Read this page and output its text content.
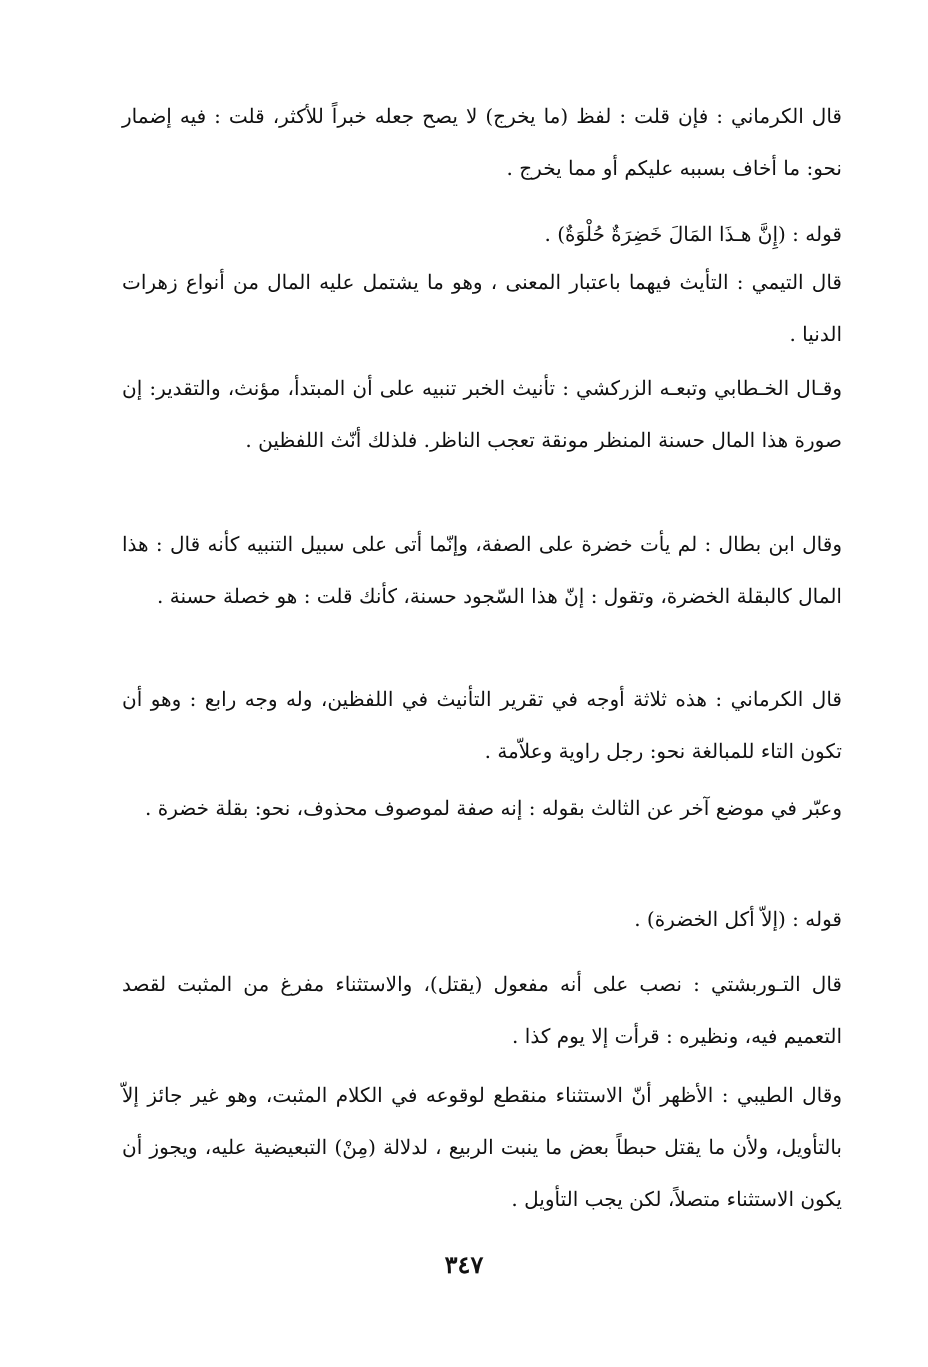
قال الكرماني : فإن قلت : لفظ (ما يخرج) لا يصح جعله خبراً للأكثر، قلت : فيه إضمار نحو: ما أخاف بسببه عليكم أو مما يخرج .

قوله : (إِنَّ هـذَا المَالَ خَضِرَةٌ حُلْوَةٌ) .

قال التيمي : التأيث فيهما باعتبار المعنى ، وهو ما يشتمل عليه المال من أنواع زهرات الدنيا .

وقـال الخـطابي وتبعـه الزركشي : تأنيث الخبر تنبيه على أن المبتدأ، مؤنث، والتقدير: إن صورة هذا المال حسنة المنظر مونقة تعجب الناظر. فلذلك أنّث اللفظين .

وقال ابن بطال : لم يأت خضرة على الصفة، وإنّما أتى على سبيل التنبيه كأنه قال : هذا المال كالبقلة الخضرة، وتقول : إنّ هذا السّجود حسنة، كأنك قلت : هو خصلة حسنة .

قال الكرماني : هذه ثلاثة أوجه في تقرير التأنيث في اللفظين، وله وجه رابع : وهو أن تكون التاء للمبالغة نحو: رجل راوية وعلاّمة .

وعبّر في موضع آخر عن الثالث بقوله : إنه صفة لموصوف محذوف، نحو: بقلة خضرة .

قوله : (إلاّ أكل الخضرة) .

قال التـوربشتي : نصب على أنه مفعول (يقتل)، والاستثناء مفرغ من المثبت لقصد التعميم فيه، ونظيره : قرأت إلا يوم كذا .

وقال الطيبي : الأظهر أنّ الاستثناء منقطع لوقوعه في الكلام المثبت، وهو غير جائز إلاّ بالتأويل، ولأن ما يقتل حبطاً بعض ما ينبت الربيع ، لدلالة (مِنْ) التبعيضية عليه، ويجوز أن يكون الاستثناء متصلاً، لكن يجب التأويل .

٣٤٧
